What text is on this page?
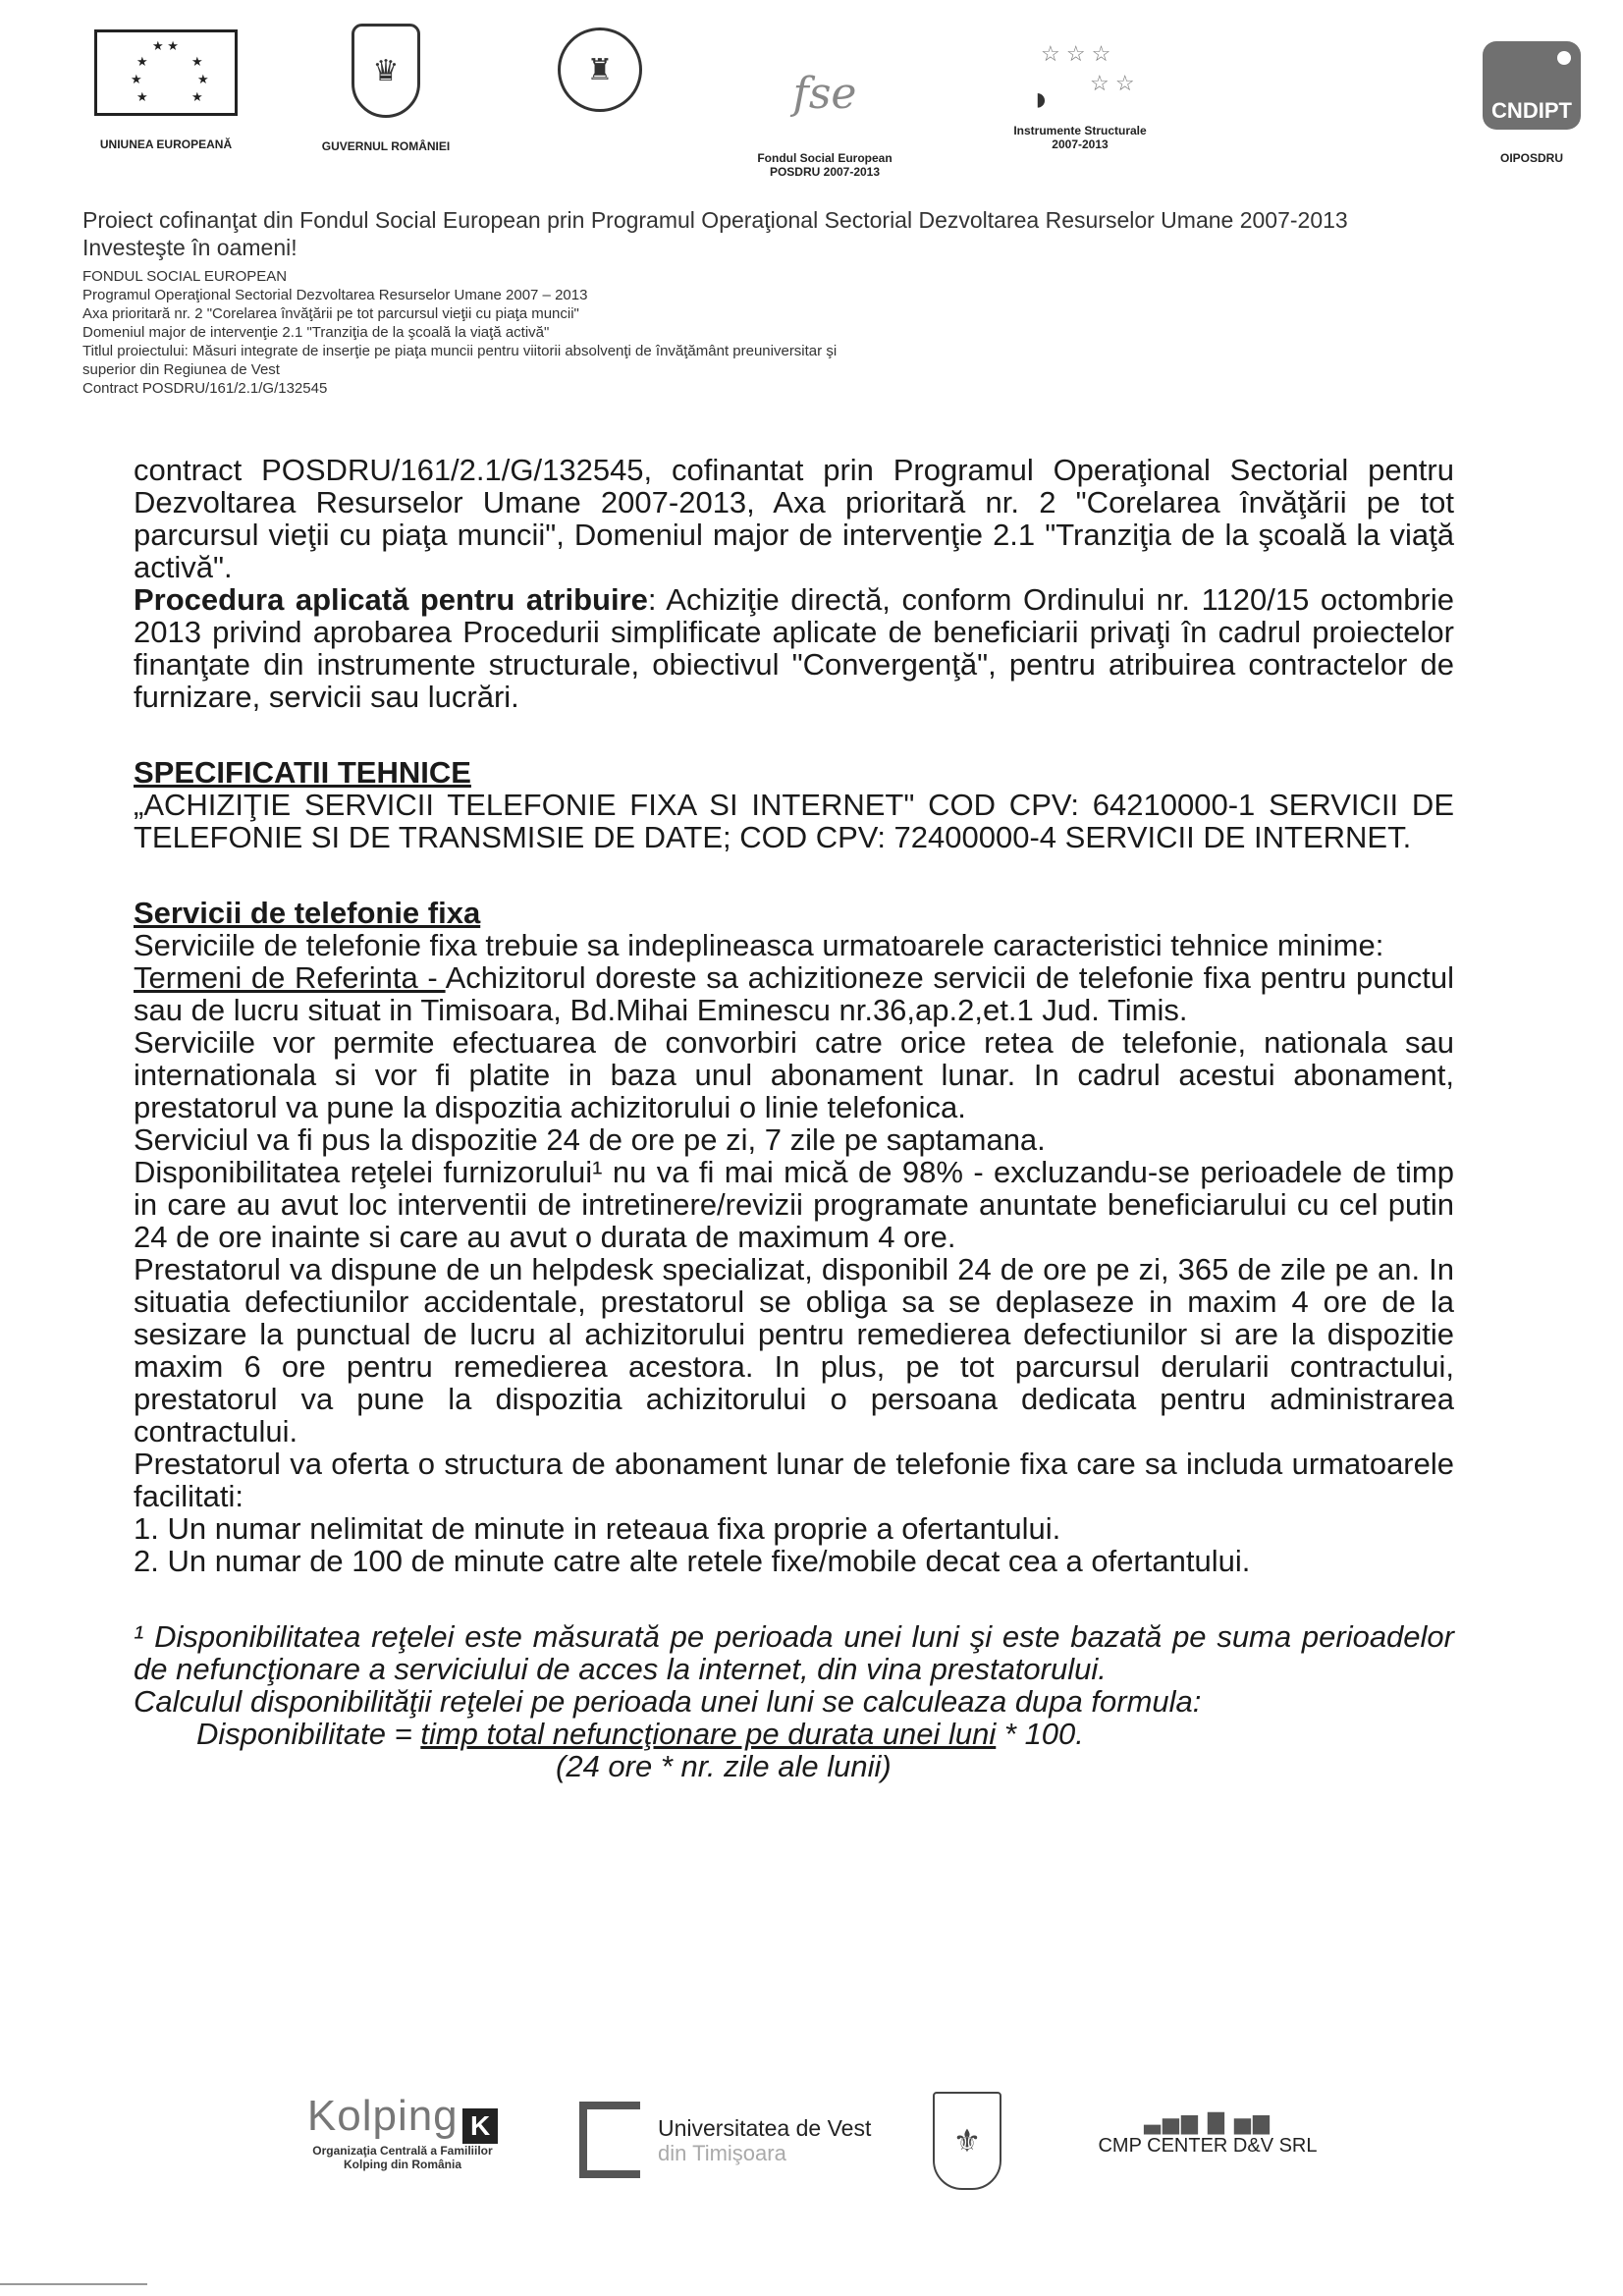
★ ★
★	★
★	★
★	★
UNIUNEA EUROPEANĂ
♛
GUVERNUL ROMÂNIEI
♜	fse
Fondul Social European
POSDRU 2007-2013
☆ ☆ ☆
☆ ☆
◗
Instrumente Structurale
2007-2013
CNDIPT
OIPOSDRU
Proiect cofinanţat din Fondul Social European prin Programul Operaţional Sectorial Dezvoltarea Resurselor Umane 2007-2013
Investeşte în oameni!
FONDUL SOCIAL EUROPEAN
Programul Operaţional Sectorial Dezvoltarea Resurselor Umane 2007 – 2013
Axa prioritară nr. 2 "Corelarea învăţării pe tot parcursul vieţii cu piaţa muncii"
Domeniul major de intervenţie 2.1 "Tranziţia de la şcoală la viaţă activă"
Titlul proiectului: Măsuri integrate de inserţie pe piaţa muncii pentru viitorii absolvenţi de învăţământ preuniversitar şi
superior din Regiunea de Vest
Contract POSDRU/161/2.1/G/132545

contract POSDRU/161/2.1/G/132545, cofinantat prin Programul Operaţional Sectorial pentru Dezvoltarea Resurselor Umane 2007-2013, Axa prioritară nr. 2 "Corelarea învăţării pe tot parcursul vieţii cu piaţa muncii", Domeniul major de intervenţie 2.1 "Tranziţia de la şcoală la viaţă activă".

Procedura aplicată pentru atribuire: Achiziţie directă, conform Ordinului nr. 1120/15 octombrie 2013 privind aprobarea Procedurii simplificate aplicate de beneficiarii privaţi în cadrul proiectelor finanţate din instrumente structurale, obiectivul "Convergenţă", pentru atribuirea contractelor de furnizare, servicii sau lucrări.

SPECIFICATII TEHNICE

„ACHIZIŢIE SERVICII TELEFONIE FIXA SI INTERNET" COD CPV: 64210000-1 SERVICII DE TELEFONIE SI DE TRANSMISIE DE DATE; COD CPV: 72400000-4 SERVICII DE INTERNET.

Servicii de telefonie fixa

Serviciile de telefonie fixa trebuie sa indeplineasca urmatoarele caracteristici tehnice minime:

Termeni de Referinta - Achizitorul doreste sa achizitioneze servicii de telefonie fixa pentru punctul sau de lucru situat in Timisoara, Bd.Mihai Eminescu nr.36,ap.2,et.1 Jud. Timis.

Serviciile vor permite efectuarea de convorbiri catre orice retea de telefonie, nationala sau internationala si vor fi platite in baza unul abonament lunar. In cadrul acestui abonament, prestatorul va pune la dispozitia achizitorului o linie telefonica.

Serviciul va fi pus la dispozitie 24 de ore pe zi, 7 zile pe saptamana.

Disponibilitatea reţelei furnizorului¹ nu va fi mai mică de 98% - excluzandu-se perioadele de timp in care au avut loc interventii de intretinere/revizii programate anuntate beneficiarului cu cel putin 24 de ore inainte si care au avut o durata de maximum 4 ore.

Prestatorul va dispune de un helpdesk specializat, disponibil 24 de ore pe zi, 365 de zile pe an. In situatia defectiunilor accidentale, prestatorul se obliga sa se deplaseze in maxim 4 ore de la sesizare la punctual de lucru al achizitorului pentru remedierea defectiunilor si are la dispozitie maxim 6 ore pentru remedierea acestora. In plus, pe tot parcursul derularii contractului, prestatorul va pune la dispozitia achizitorului o persoana dedicata pentru administrarea contractului.

Prestatorul va oferta o structura de abonament lunar de telefonie fixa care sa includa urmatoarele facilitati:

1. Un numar nelimitat de minute in reteaua fixa proprie a ofertantului.

2. Un numar de 100 de minute catre alte retele fixe/mobile decat cea a ofertantului.

¹ Disponibilitatea reţelei este măsurată pe perioada unei luni şi este bazată pe suma perioadelor de nefuncţionare a serviciului de acces la internet, din vina prestatorului.

Calculul disponibilităţii reţelei pe perioada unei luni se calculeaza dupa formula:

Disponibilitate = timp total nefuncţionare pe durata unei luni * 100.

(24 ore * nr. zile ale lunii)

Kolping K
Organizaţia Centrală a Familiilor
Kolping din România
Universitatea de Vest
din Timişoara	⚜
▃▅▆ ▇ ▅▆
CMP CENTER D&V SRL
